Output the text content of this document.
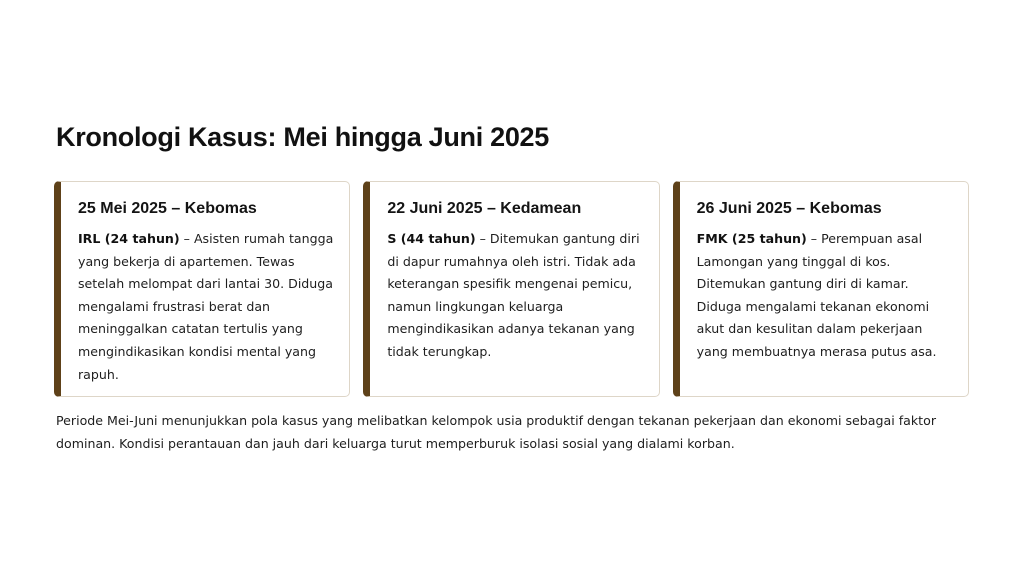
Kronologi Kasus: Mei hingga Juni 2025
25 Mei 2025 – Kebomas

IRL (24 tahun) – Asisten rumah tangga yang bekerja di apartemen. Tewas setelah melompat dari lantai 30. Diduga mengalami frustrasi berat dan meninggalkan catatan tertulis yang mengindikasikan kondisi mental yang rapuh.

22 Juni 2025 – Kedamean

S (44 tahun) – Ditemukan gantung diri di dapur rumahnya oleh istri. Tidak ada keterangan spesifik mengenai pemicu, namun lingkungan keluarga mengindikasikan adanya tekanan yang tidak terungkap.

26 Juni 2025 – Kebomas

FMK (25 tahun) – Perempuan asal Lamongan yang tinggal di kos. Ditemukan gantung diri di kamar. Diduga mengalami tekanan ekonomi akut dan kesulitan dalam pekerjaan yang membuatnya merasa putus asa.

Periode Mei-Juni menunjukkan pola kasus yang melibatkan kelompok usia produktif dengan tekanan pekerjaan dan ekonomi sebagai faktor dominan. Kondisi perantauan dan jauh dari keluarga turut memperburuk isolasi sosial yang dialami korban.
